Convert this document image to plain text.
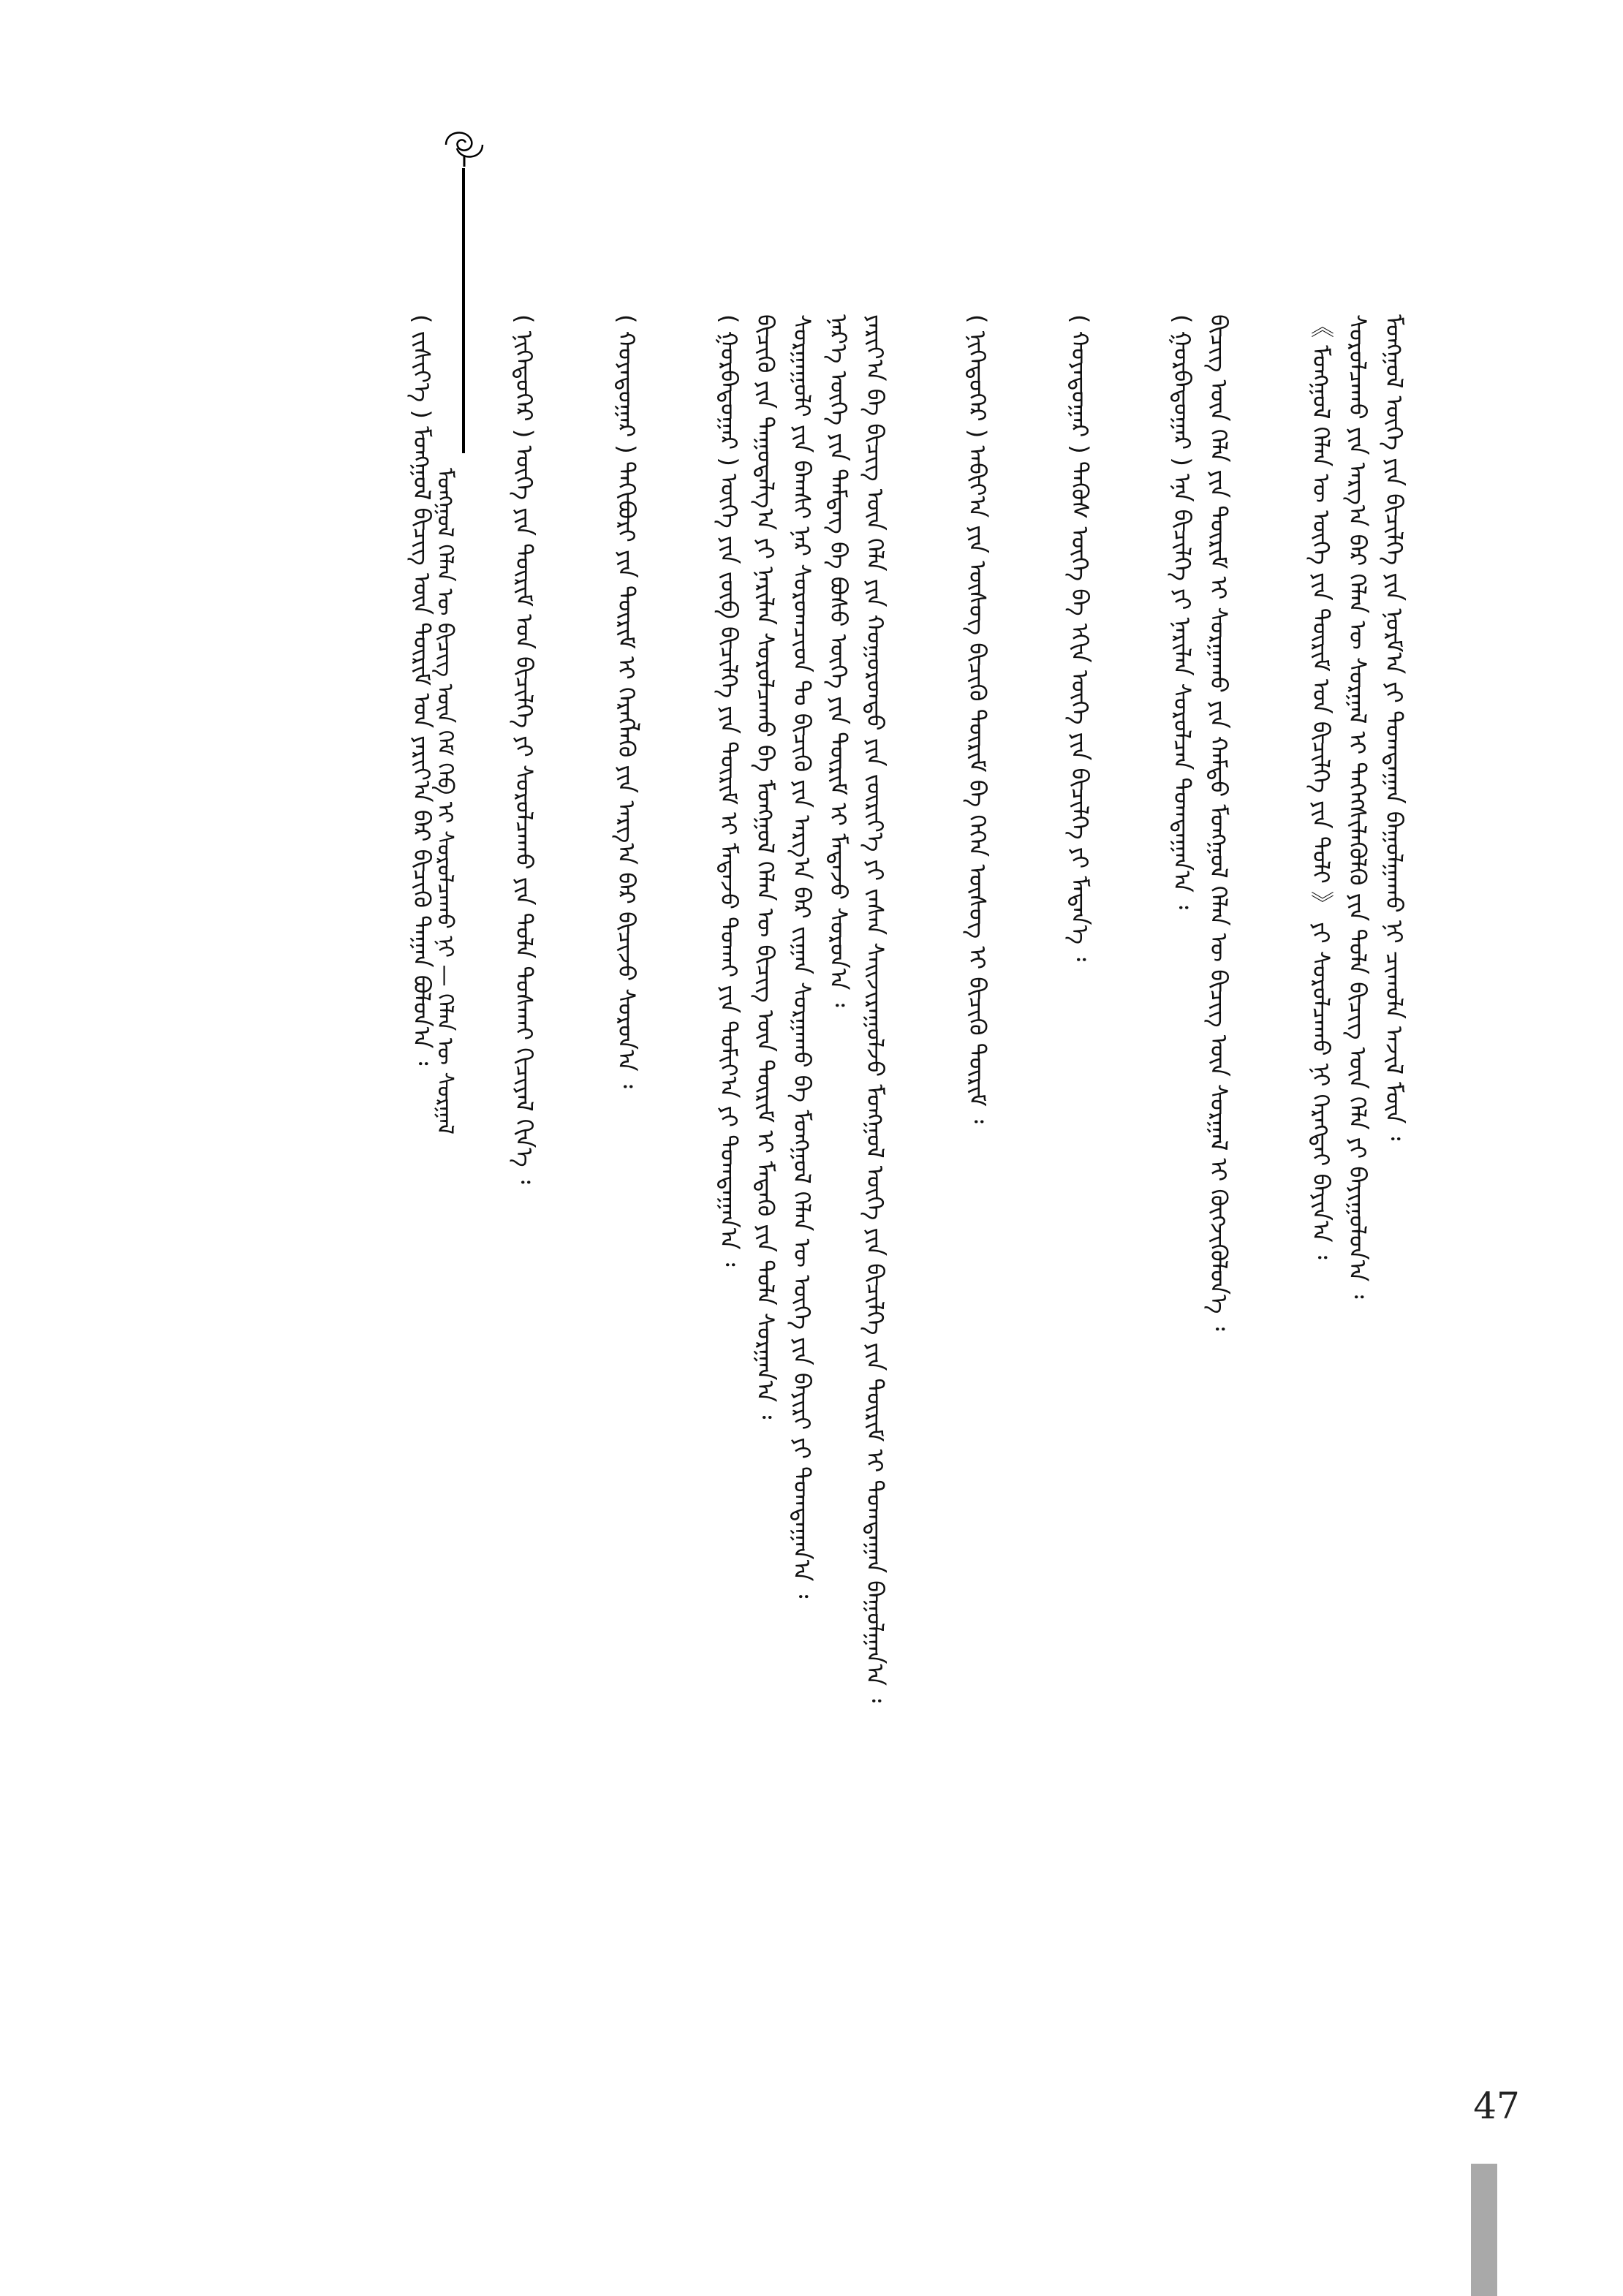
ᠮᠣᠩᠭᠣᠯ ᠬᠡᠯᠡᠨ ᠦ ᠪᠢᠴᠢᠭ᠌ ᠦᠨ ᠬᠡᠮ ᠬᠡᠪ ᠢ ᠰᠤᠷᠤᠯᠴᠠᠬᠤ ᠨᠢ — ᠬᠡᠯᠡᠨ ᠦ ᠰᠤᠷᠭᠠᠯ

( ᠵᠢᠱᠢᠶ᠎ᠡ ) ᠮᠣᠩᠭᠣᠯ ᠪᠢᠴᠢᠭ᠌ ᠦᠨ ᠳᠦᠷᠢᠮ ᠤᠨ ᠶᠠᠷᠢᠶ᠎ᠠ ᠪᠠᠷ ᠪᠢᠴᠢᠬᠦ ᠳᠠᠭᠠᠨ ᠪᠣᠯᠤᠨ᠎ᠠ ᠄	( ᠨᠢᠭᠡᠳᠦᠭᠡᠷ ) ᠦᠭᠡ ᠶᠢᠨ ᠳᠦᠷᠢᠮ ᠤᠨ ᠪᠢᠴᠢᠯᠭᠡ ᠶᠢ ᠰᠤᠷᠤᠯᠴᠠᠬᠤ ᠶᠢᠨ ᠲᠤᠯᠠ ᠲᠤᠰᠬᠠᠢ ᠬᠢᠴᠢᠶᠡᠯ ᠬᠢᠨ᠎ᠡ ᠄	( ᠬᠣᠶᠠᠳᠤᠭᠠᠷ ) ᠳᠠᠬᠢᠪᠤᠷᠢ ᠶᠢᠨ ᠳᠦᠷᠢᠮ ᠢ ᠬᠡᠷᠡᠭᠯᠡᠬᠦ᠌ ᠶᠢᠨ ᠠᠷᠭ᠎ᠠ ᠪᠠᠷ ᠪᠢᠴᠢᠵᠦ ᠰᠤᠷᠤᠨ᠎ᠠ ᠄	( ᠭᠤᠷᠪᠠᠳᠤᠭᠠᠷ ) ᠦᠭᠡ ᠶᠢᠨ ᠵᠥᠪ ᠪᠢᠴᠢᠯᠭᠡ ᠶᠢᠨ ᠳᠦᠷᠢᠮ ᠢ ᠮᠡᠳᠡᠵᠦ ᠲᠤᠬᠠᠢ ᠶᠢᠨ ᠲᠣᠮᠢᠶ᠎ᠠ ᠶᠢ ᠲᠣᠭᠲᠠᠭᠠᠨ᠎ᠠ ᠄ ᠪᠢᠴᠢᠬᠦ ᠶᠢᠨ ᠳᠠᠭᠤᠳᠠᠯᠭ᠎ᠠ ᠶᠢ ᠨᠠᠷᠢᠯᠠᠨ ᠰᠤᠷᠤᠯᠴᠠᠬᠤ ᠪᠠ ᠮᠣᠩᠭᠣᠯ ᠬᠡᠯᠡᠨ ᠦ ᠪᠢᠴᠢᠭ᠌ ᠦᠨ ᠳᠦᠷᠢᠮ ᠢ ᠮᠡᠳᠡᠬᠦ ᠶᠢᠨ ᠲᠤᠯᠠ ᠰᠤᠷᠭᠠᠨ᠎ᠠ ᠄ ᠰᠤᠷᠭᠠᠭᠤᠯᠢ ᠶᠢᠨ ᠪᠠᠭᠰᠢ ᠨᠠᠷ ᠰᠤᠷᠤᠭᠴᠢᠳ ᠲᠤ ᠪᠢᠴᠢᠬᠦ ᠶᠢᠨ ᠠᠷᠭ᠎ᠠ ᠪᠠᠷ ᠵᠢᠭᠠᠨ ᠰᠤᠷᠭᠠᠬᠤ ᠪᠠ ᠮᠣᠩᠭᠣᠯ ᠬᠡᠯᠡᠨ ᠦ ᠦᠭᠡ ᠶᠢᠨ ᠪᠠᠶᠢᠷᠢ ᠶᠢ ᠲᠣᠭᠲᠠᠭᠠᠨ᠎ᠠ ᠄ ᠨᠡᠷ᠎ᠡ ᠦᠭᠡ ᠶᠢᠨ ᠲᠡᠮᠳᠡᠭ ᠪᠠ ᠪᠣᠰᠤ ᠦᠭᠡ ᠶᠢᠨ ᠳᠦᠷᠢᠮ ᠢ ᠮᠡᠳᠡᠵᠦ ᠰᠤᠷᠤᠨ᠎ᠠ ᠄ ᠶᠠᠷᠢᠶ᠎ᠠ ᠪᠠ ᠪᠢᠴᠢᠭ᠌ ᠦᠨ ᠬᠡᠯᠡ ᠶᠢᠨ ᠬᠣᠭᠣᠷᠣᠨᠳᠣ ᠶᠢᠨ ᠵᠥᠷᠢᠶ᠎ᠡ ᠶᠢ ᠵᠠᠰᠠᠨ ᠰᠠᠢᠵᠢᠷᠠᠭᠤᠯᠵᠤ ᠮᠣᠩᠭᠣᠯ ᠦᠭᠡ ᠶᠢᠨ ᠪᠢᠴᠢᠯᠭᠡ ᠶᠢᠨ ᠳᠦᠷᠢᠮ ᠢ ᠲᠣᠭᠲᠠᠭᠠᠨ ᠪᠠᠭᠤᠯᠭᠠᠨ᠎ᠠ ᠄	( ᠨᠢᠭᠡᠳᠦᠭᠡᠷ ) ᠠᠪᠢᠶ᠎ᠠ ᠶᠢᠨ ᠦᠰᠦᠭ ᠪᠢᠴᠢᠬᠦ ᠳᠦᠷᠢᠮ ᠪᠠ ᠭᠡᠭᠡᠨ ᠦᠰᠦᠭ ᠢ ᠪᠢᠴᠢᠬᠦ ᠳᠦᠷᠢᠮ ᠄	( ᠬᠣᠶᠠᠳᠤᠭᠠᠷ ) ᠲᠡᠭᠦᠰ ᠦᠭᠡ ᠪᠠ ᠡᠬᠢᠨ ᠦᠭᠡ ᠶᠢᠨ ᠪᠢᠴᠢᠯᠭᠡ ᠶᠢ ᠮᠡᠳᠡᠨ᠎ᠡ ᠄	( ᠭᠤᠷᠪᠠᠳᠤᠭᠠᠷ ) ᠡᠨᠡ ᠪᠢᠴᠢᠯᠭᠡ ᠶᠢ ᠨᠠᠷᠢᠯᠠᠨ ᠰᠤᠷᠤᠯᠴᠠᠨ ᠲᠣᠭᠲᠠᠭᠠᠨ᠎ᠠ ᠄ ᠪᠢᠴᠢᠭ᠌ ᠦᠨ ᠬᠡᠯᠡ ᠶᠢᠨ ᠳᠦᠷᠢᠮ ᠢ ᠰᠤᠷᠭᠠᠬᠤ ᠶᠢᠨ ᠬᠠᠮᠲᠤ ᠮᠣᠩᠭᠣᠯ ᠬᠡᠯᠡᠨ ᠦ ᠪᠢᠴᠢᠭ᠌ ᠦᠨ ᠰᠤᠷᠭᠠᠯ ᠢ ᠬᠥᠭᠵᠢᠭᠦᠯᠦᠨ᠎ᠡ ᠄	《 ᠮᠣᠩᠭᠣᠯ ᠬᠡᠯᠡᠨ ᠦ ᠦᠭᠡ ᠶᠢᠨ ᠳᠦᠷᠢᠮ ᠤᠨ ᠪᠢᠴᠢᠯᠭᠡ ᠶᠢᠨ ᠲᠣᠯᠢ 》 ᠶᠢ ᠰᠤᠷᠤᠯᠴᠠᠬᠤ ᠨᠢ ᠬᠡᠷᠡᠭᠲᠡᠢ ᠪᠠᠶᠢᠨ᠎ᠠ ᠄ ᠰᠤᠷᠤᠯᠴᠠᠬᠤ ᠶᠢᠨ ᠠᠷᠭ᠎ᠠ ᠪᠠᠷ ᠬᠡᠯᠡᠨ ᠦ ᠰᠤᠷᠭᠠᠯ ᠢ ᠳᠡᠭᠡᠭ᠌ᠰᠢᠯᠡᠭᠦᠯᠬᠦ ᠶᠢᠨ ᠲᠤᠯᠠ ᠪᠢᠴᠢᠭ᠌ ᠦᠨ ᠬᠡᠯᠡ ᠶᠢ ᠪᠠᠶᠢᠭᠤᠯᠤᠨ᠎ᠠ ᠄ ᠮᠣᠩᠭᠣᠯ ᠦᠭᠡ ᠶᠢᠨ ᠪᠢᠴᠢᠯᠭᠡ ᠶᠢᠨ ᠨᠣᠷᠮ᠎ᠠ ᠶᠢ ᠲᠣᠭᠲᠠᠭᠠᠨ ᠪᠠᠭᠤᠯᠭᠠᠬᠤ ᠨᠢ ᠴᠢᠬᠤᠯᠠ ᠠᠵᠢᠯ ᠮᠥᠨ ᠄

47
